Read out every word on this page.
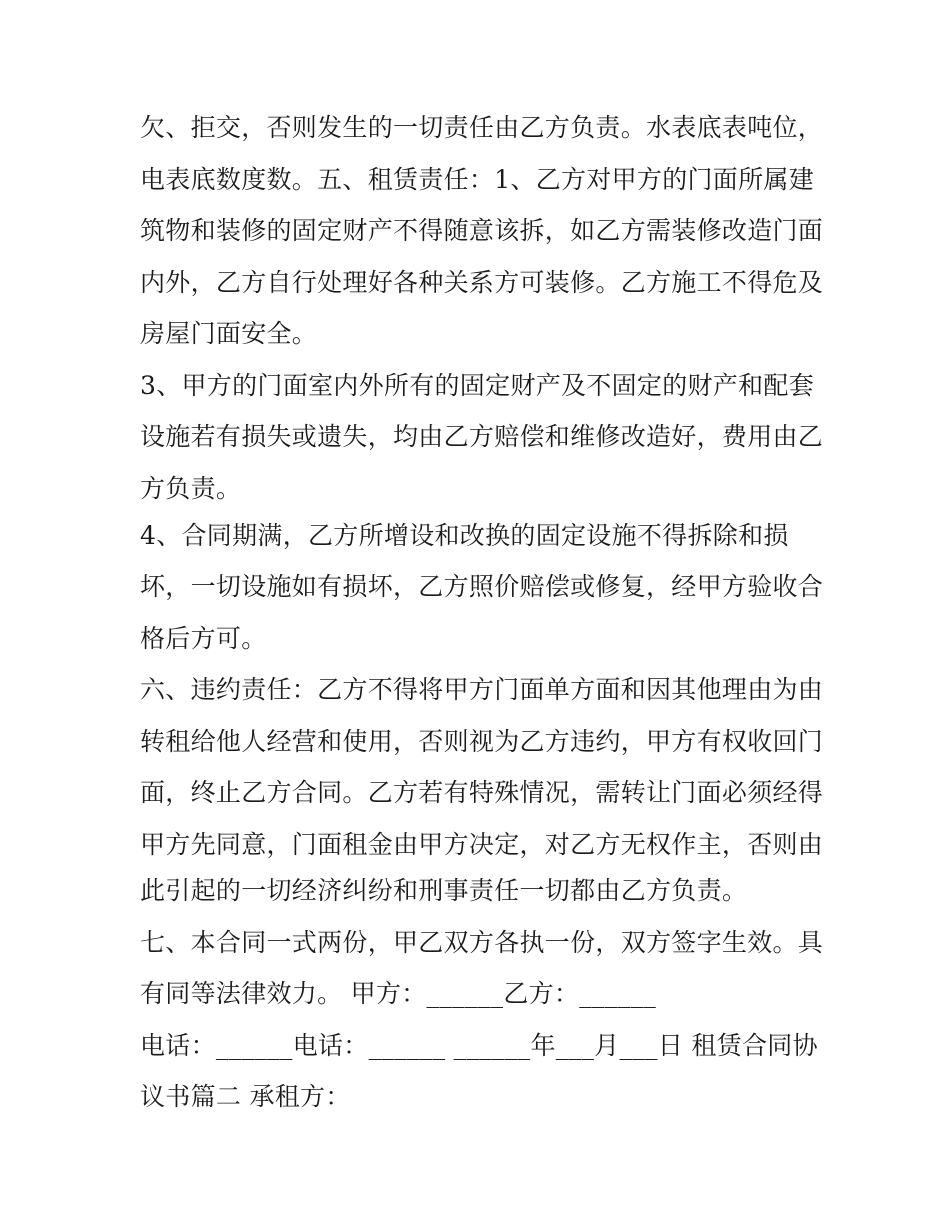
欠、拒交，否则发生的一切责任由乙方负责。水表底表吨位，
电表底数度数。五、租赁责任：1、乙方对甲方的门面所属建
筑物和装修的固定财产不得随意该拆，如乙方需装修改造门面
内外，乙方自行处理好各种关系方可装修。乙方施工不得危及
房屋门面安全。
3、甲方的门面室内外所有的固定财产及不固定的财产和配套
设施若有损失或遗失，均由乙方赔偿和维修改造好，费用由乙
方负责。
4、合同期满，乙方所增设和改换的固定设施不得拆除和损
坏，一切设施如有损坏，乙方照价赔偿或修复，经甲方验收合
格后方可。
六、违约责任：乙方不得将甲方门面单方面和因其他理由为由
转租给他人经营和使用，否则视为乙方违约，甲方有权收回门
面，终止乙方合同。乙方若有特殊情况，需转让门面必须经得
甲方先同意，门面租金由甲方决定，对乙方无权作主，否则由
此引起的一切经济纠纷和刑事责任一切都由乙方负责。
七、本合同一式两份，甲乙双方各执一份，双方签字生效。具
有同等法律效力。 甲方：______乙方：______
电话：______电话：______ ______年___月___日 租赁合同协
议书篇二 承租方：
